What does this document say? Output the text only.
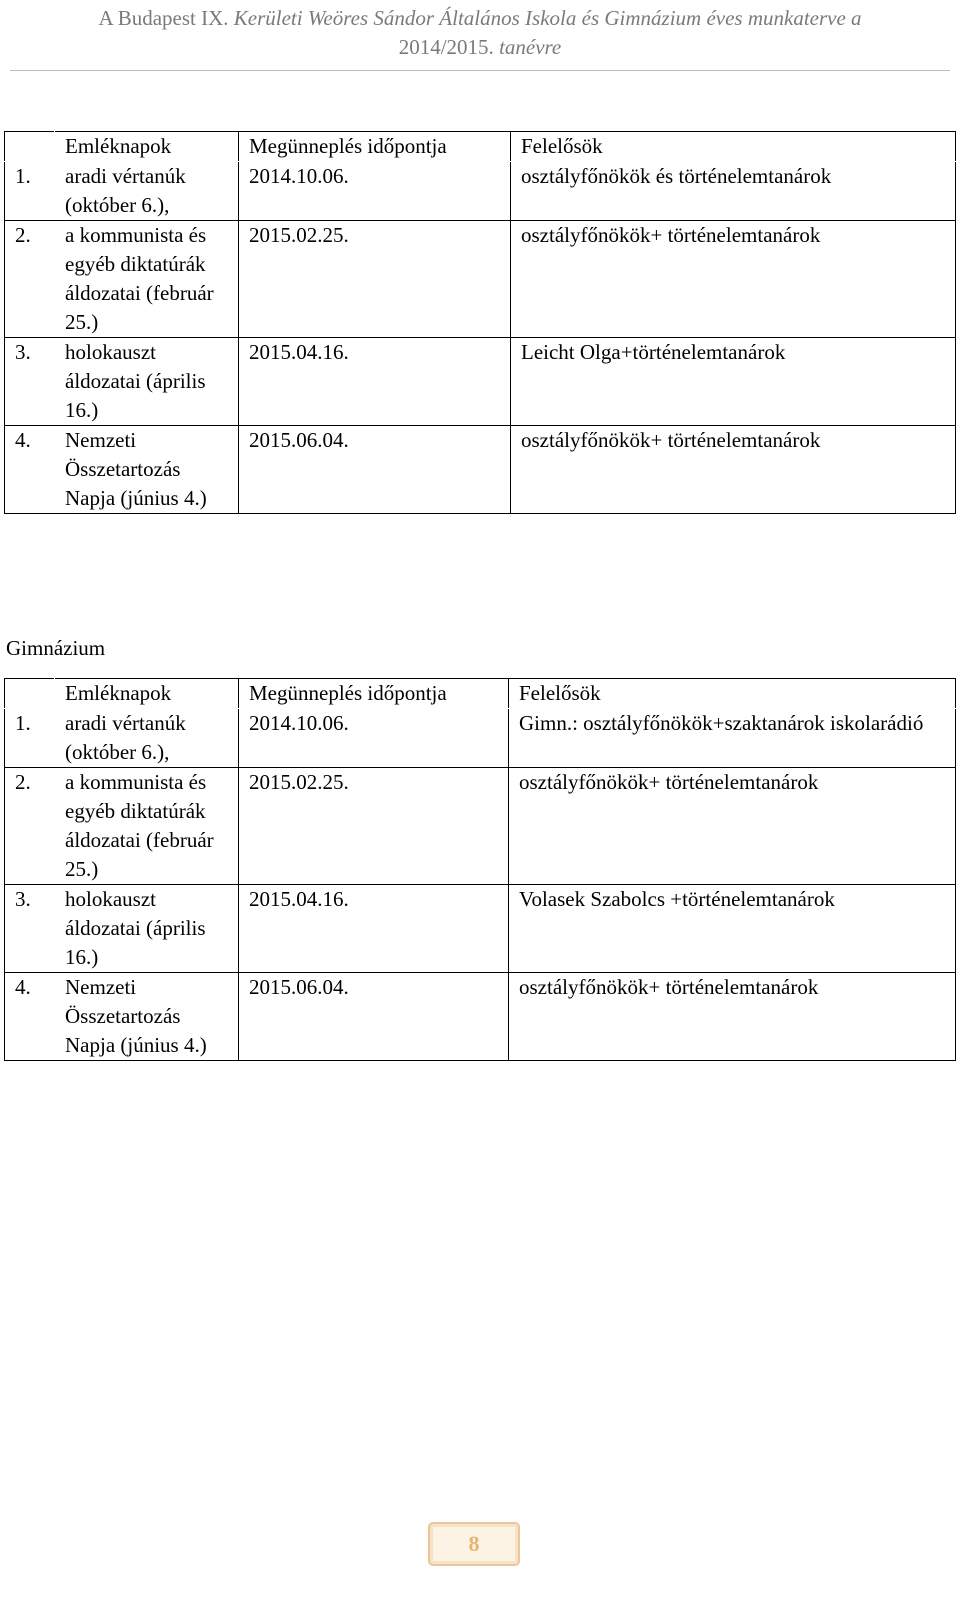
A Budapest IX. Kerületi Weöres Sándor Általános Iskola és Gimnázium éves munkaterve a
2014/2015. tanévre
	Emléknapok	Megünneplés időpontja	Felelősök
1.	aradi vértanúk (október 6.),	2014.10.06.	osztályfőnökök és történelemtanárok
2.	a kommunista és egyéb diktatúrák áldozatai (február 25.)	2015.02.25.	osztályfőnökök+ történelemtanárok
3.	holokauszt áldozatai (április 16.)	2015.04.16.	Leicht Olga+történelemtanárok
4.	Nemzeti Összetartozás Napja (június 4.)	2015.06.04.	osztályfőnökök+ történelemtanárok
Gimnázium
	Emléknapok	Megünneplés időpontja	Felelősök
1.	aradi vértanúk (október 6.),	2014.10.06.	Gimn.: osztályfőnökök+szaktanárok iskolarádió
2.	a kommunista és egyéb diktatúrák áldozatai (február 25.)	2015.02.25.	osztályfőnökök+ történelemtanárok
3.	holokauszt áldozatai (április 16.)	2015.04.16.	Volasek Szabolcs +történelemtanárok
4.	Nemzeti Összetartozás Napja (június 4.)	2015.06.04.	osztályfőnökök+ történelemtanárok
8
